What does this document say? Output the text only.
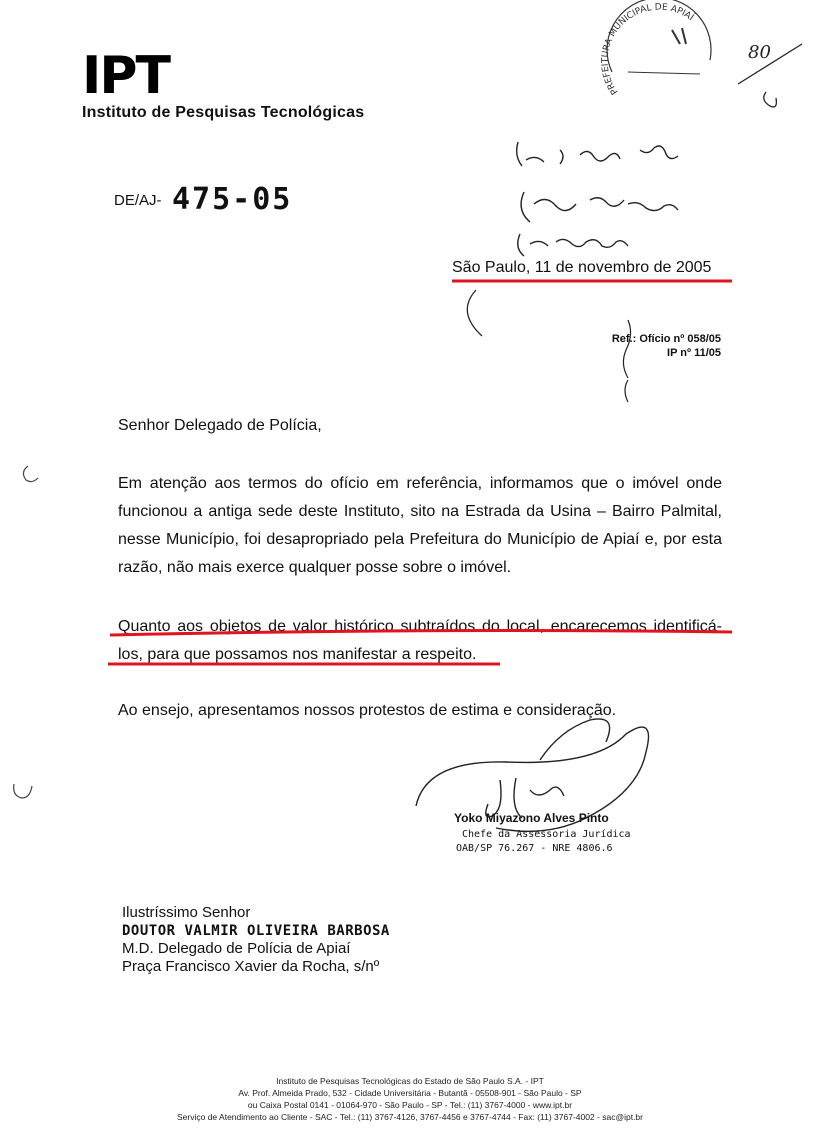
IPT
Instituto de Pesquisas Tecnológicas
DE/AJ- 475-05
São Paulo, 11 de novembro de 2005
Ref.: Ofício nº 058/05
IP nº 11/05
Senhor Delegado de Polícia,
Em atenção aos termos do ofício em referência, informamos que o imóvel onde funcionou a antiga sede deste Instituto, sito na Estrada da Usina – Bairro Palmital, nesse Município, foi desapropriado pela Prefeitura do Município de Apiaí e, por esta razão, não mais exerce qualquer posse sobre o imóvel.
Quanto aos objetos de valor histórico subtraídos do local, encarecemos identificá-los, para que possamos nos manifestar a respeito.
Ao ensejo, apresentamos nossos protestos de estima e consideração.
Yoko Miyazono Alves Pinto
Chefe da Assessoria Jurídica
OAB/SP 76.267 - NRE 4806.6
Ilustríssimo Senhor
DOUTOR VALMIR OLIVEIRA BARBOSA
M.D. Delegado de Polícia de Apiaí
Praça Francisco Xavier da Rocha, s/nº
Instituto de Pesquisas Tecnológicas do Estado de São Paulo S.A. - IPT
Av. Prof. Almeida Prado, 532 - Cidade Universitária - Butantã - 05508-901 - São Paulo - SP
ou Caixa Postal 0141 - 01064-970 - São Paulo - SP - Tel.: (11) 3767-4000 - www.ipt.br
Serviço de Atendimento ao Cliente - SAC - Tel.: (11) 3767-4126, 3767-4456 e 3767-4744 - Fax: (11) 3767-4002 - sac@ipt.br
PREFEITURA MUNICIPAL DE APIAÍ
80
